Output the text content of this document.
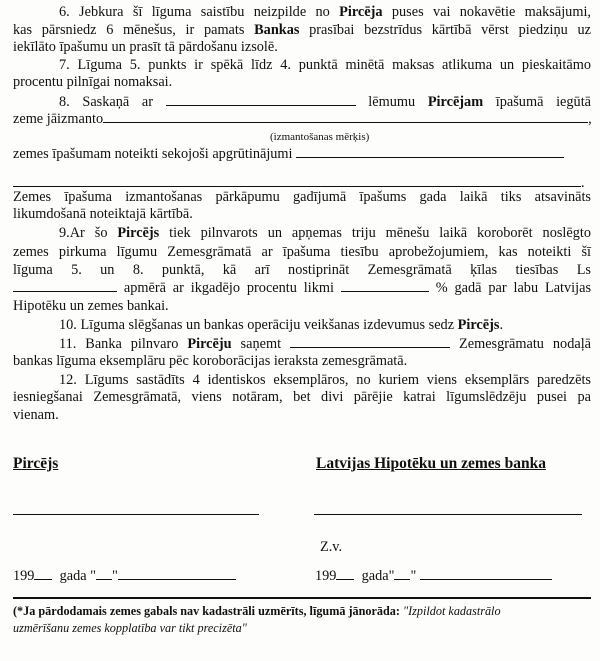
6. Jebkura šī līguma saistību neizpilde no Pircēja puses vai nokavētie maksājumi,
kas pārsniedz 6 mēnešus, ir pamats Bankas prasībai bezstrīdus kārtībā vērst piedziņu uz
iekīlāto īpašumu un prasīt tā pārdošanu izsolē.
7. Līguma 5. punkts ir spēkā līdz 4. punktā minētā maksas atlikuma un pieskaitāmo
procentu pilnīgai nomaksai.
8. Saskaņā ar	lēmumu Pircējam īpašumā iegūtā
zeme jāizmanto	,
(izmantošanas mērķis)
zemes īpašumam noteikti sekojoši apgrūtinājumi
.
Zemes īpašuma izmantošanas pārkāpumu gadījumā īpašums gada laikā tiks atsavināts
likumdošanā noteiktajā kārtībā.
9.Ar šo Pircējs tiek pilnvarots un apņemas triju mēnešu laikā koroborēt noslēgto
zemes pirkuma līgumu Zemesgrāmatā ar īpašuma tiesību aprobežojumiem, kas noteikti šī
līguma 5. un 8. punktā, kā arī nostiprināt Zemesgrāmatā ķīlas tiesības Ls
apmērā ar ikgadējo procentu likmi	% gadā par labu Latvijas
Hipotēku un zemes bankai.
10. Līguma slēgšanas un bankas operāciju veikšanas izdevumus sedz Pircējs.
11. Banka pilnvaro Pircēju saņemt	Zemesgrāmatu nodaļā
bankas līguma eksemplāru pēc koroborācijas ieraksta zemesgrāmatā.
12. Līgums sastādīts 4 identiskos eksemplāros, no kuriem viens eksemplārs paredzēts
iesniegšanai Zemesgrāmatā, viens notāram, bet divi pārējie katrai līgumslēdzēju pusei pa
vienam.
Pircējs	Latvijas Hipotēku un zemes banka
Z.v.
199 gada " "	199 gada" "
(*Ja pārdodamais zemes gabals nav kadastrāli uzmērīts, līgumā jānorāda: "Izpildot kadastrālo
uzmērīšanu zemes kopplatība var tikt precizēta"
